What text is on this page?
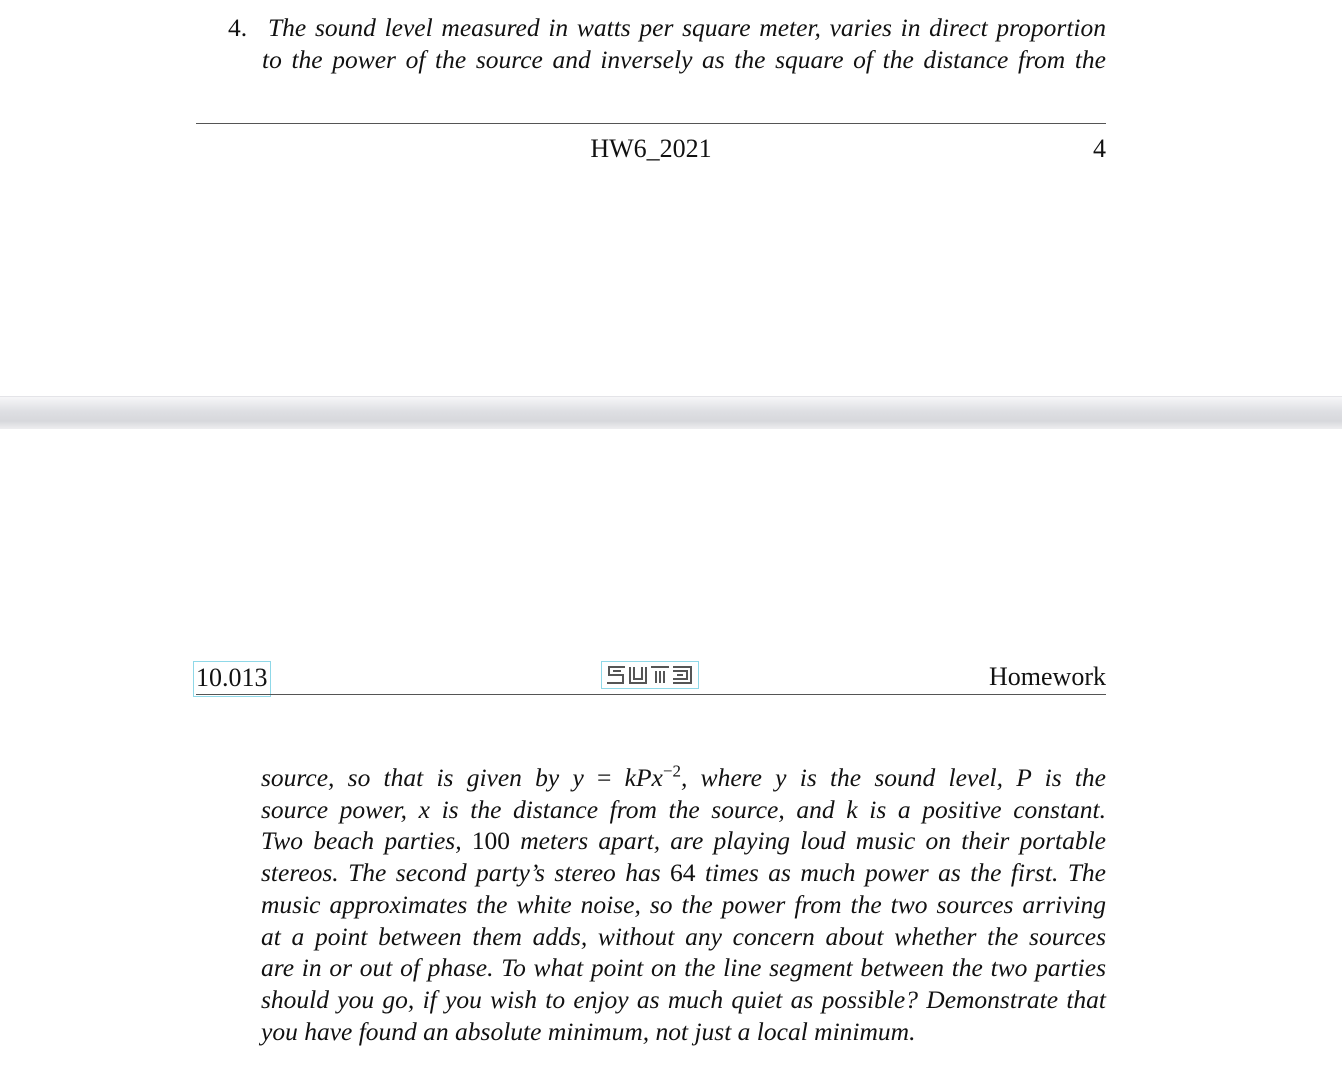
4. The sound level measured in watts per square meter, varies in direct proportion
to the power of the source and inversely as the square of the distance from the
HW6_2021	4
10.013	Homework
source, so that is given by y = kPx$^{-2}$, where y is the sound level, P is the
source power, x is the distance from the source, and k is a positive constant.
Two beach parties, 100 meters apart, are playing loud music on their portable
stereos. The second party’s stereo has 64 times as much power as the first. The
music approximates the white noise, so the power from the two sources arriving
at a point between them adds, without any concern about whether the sources
are in or out of phase. To what point on the line segment between the two parties
should you go, if you wish to enjoy as much quiet as possible? Demonstrate that
you have found an absolute minimum, not just a local minimum.
